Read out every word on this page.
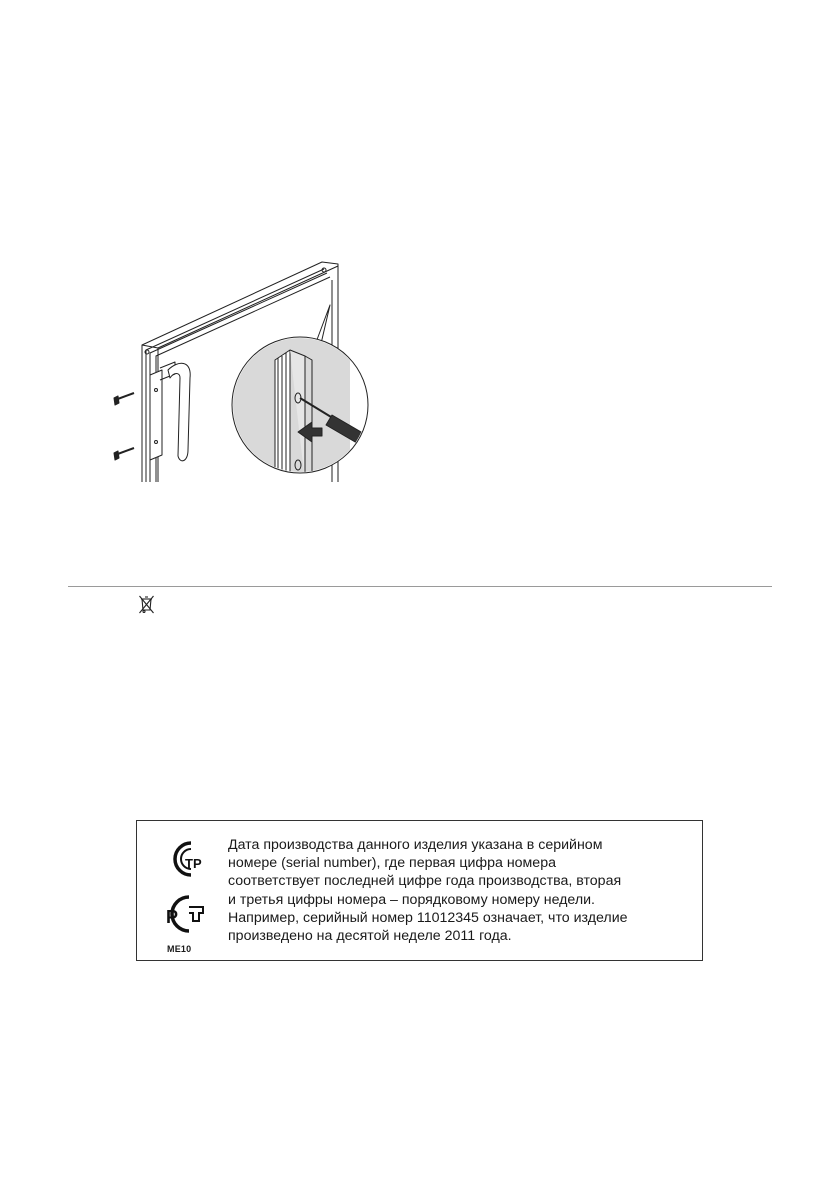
ТР
Р
ME10
Дата производства данного изделия указана в серийном
номере (serial number), где первая цифра номера
соответствует последней цифре года производства, вторая
и третья цифры номера – порядковому номеру недели.
Например, серийный номер 11012345 означает, что изделие
произведено на десятой неделе 2011 года.
